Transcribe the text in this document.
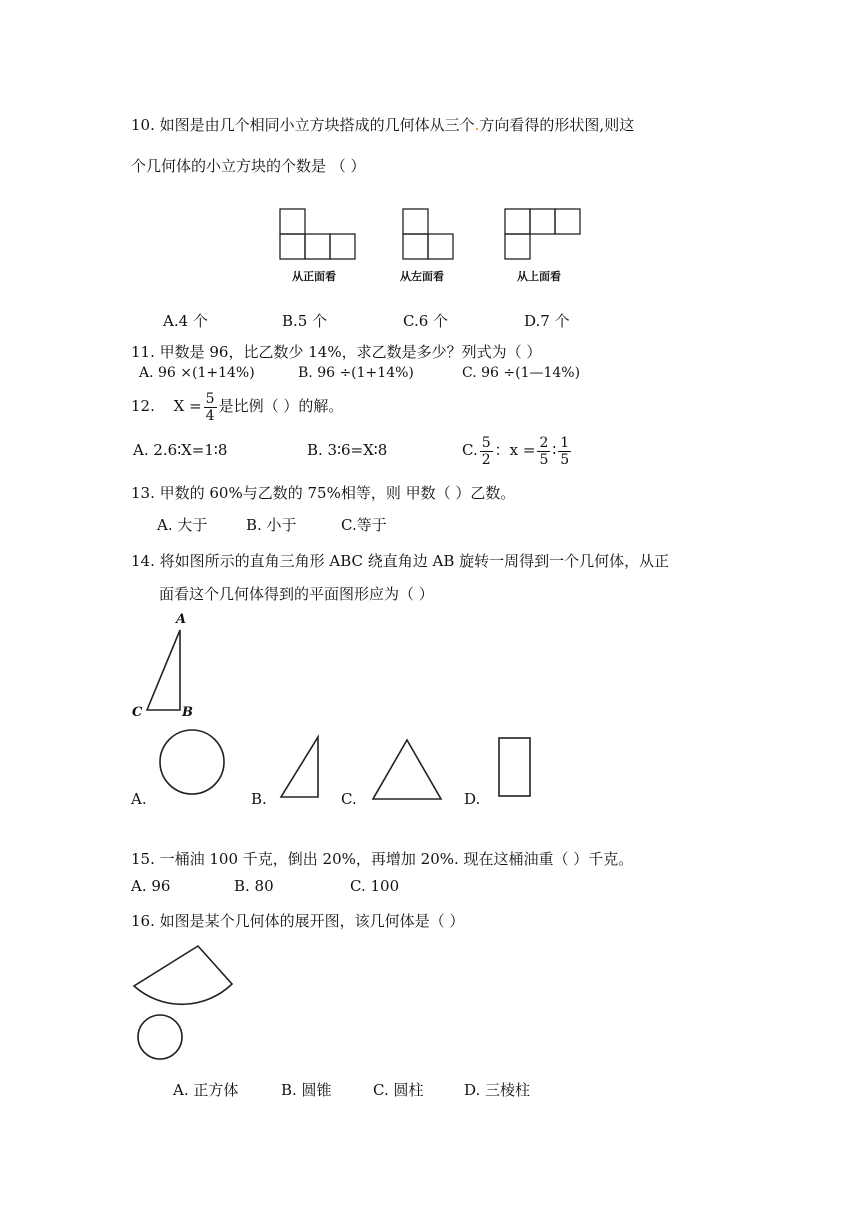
10. 如图是由几个相同小立方块搭成的几何体从三个.方向看得的形状图,则这
个几何体的小立方块的个数是 （ ）
从正面看	从左面看	从上面看
A.4 个	B.5 个	C.6 个	D.7 个
11. 甲数是 96，比乙数少 14%，求乙数是多少？列式为（ ）
A. 96 ×(1+14%)	B. 96 ÷(1+14%)	C. 96 ÷(1—14%)
12. $X = \frac{5}{4}$ 是比例（ ）的解。
A. 2.6∶X=1∶8	B. 3∶6=X∶8	C. $\frac{5}{2}$ ：$x = \frac{2}{5}$ ∶ $\frac{1}{5}$
13. 甲数的 60%与乙数的 75%相等，则 甲数（ ）乙数。
A. 大于	B. 小于	C.等于
14. 将如图所示的直角三角形 ABC 绕直角边 AB 旋转一周得到一个几何体，从正
面看这个几何体得到的平面图形应为（ ）
A
C	B
A.	B.	C.	D.
15. 一桶油 100 千克，倒出 20%，再增加 20%. 现在这桶油重（ ）千克。
A. 96	B. 80	C. 100
16. 如图是某个几何体的展开图，该几何体是（ ）
A. 正方体	B. 圆锥	C. 圆柱	D. 三棱柱
